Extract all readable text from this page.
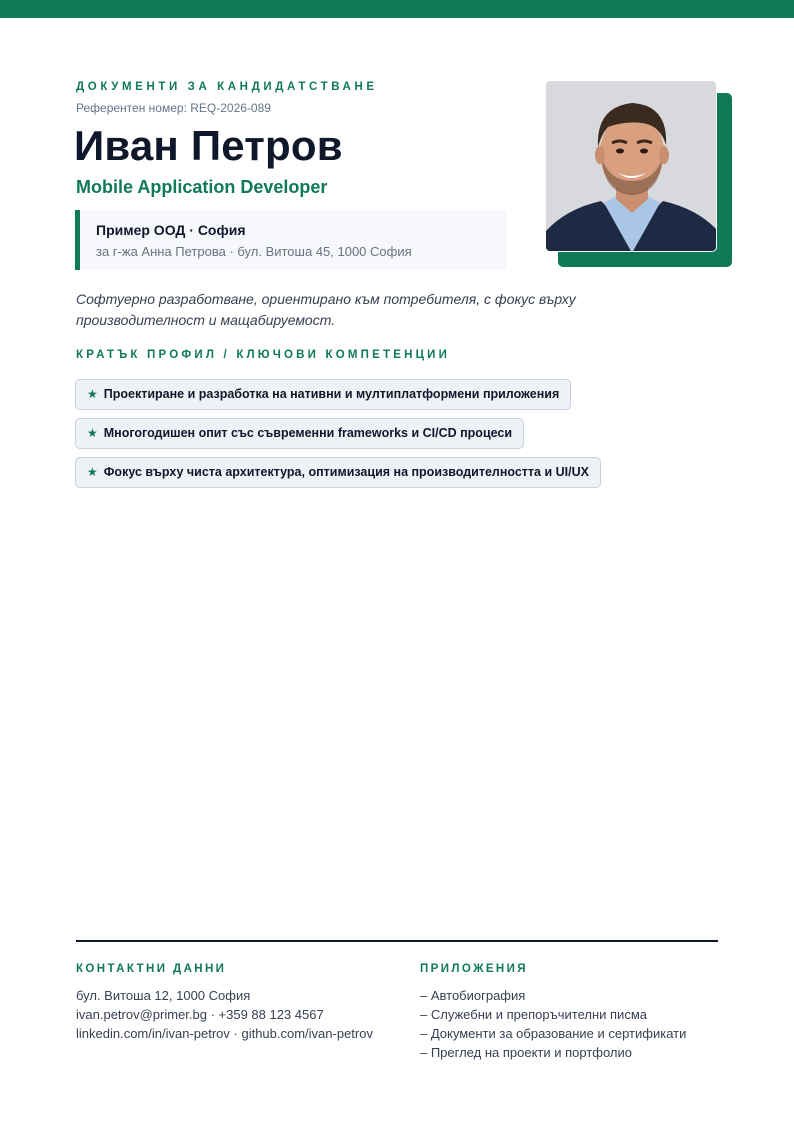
ДОКУМЕНТИ ЗА КАНДИДАТСТВАНЕ
Референтен номер: REQ-2026-089
Иван Петров
Mobile Application Developer
Пример ООД · София
за г-жа Анна Петрова · бул. Витоша 45, 1000 София
Софтуерно разработване, ориентирано към потребителя, с фокус върху производителност и мащабируемост.
КРАТЪК ПРОФИЛ / КЛЮЧОВИ КОМПЕТЕНЦИИ
★ Проектиране и разработка на нативни и мултиплатформени приложения
★ Многогодишен опит със съвременни frameworks и CI/CD процеси
★ Фокус върху чиста архитектура, оптимизация на производителността и UI/UX
КОНТАКТНИ ДАННИ
бул. Витоша 12, 1000 София
ivan.petrov@primer.bg · +359 88 123 4567
linkedin.com/in/ivan-petrov · github.com/ivan-petrov
ПРИЛОЖЕНИЯ
– Автобиография
– Служебни и препоръчителни писма
– Документи за образование и сертификати
– Преглед на проекти и портфолио
